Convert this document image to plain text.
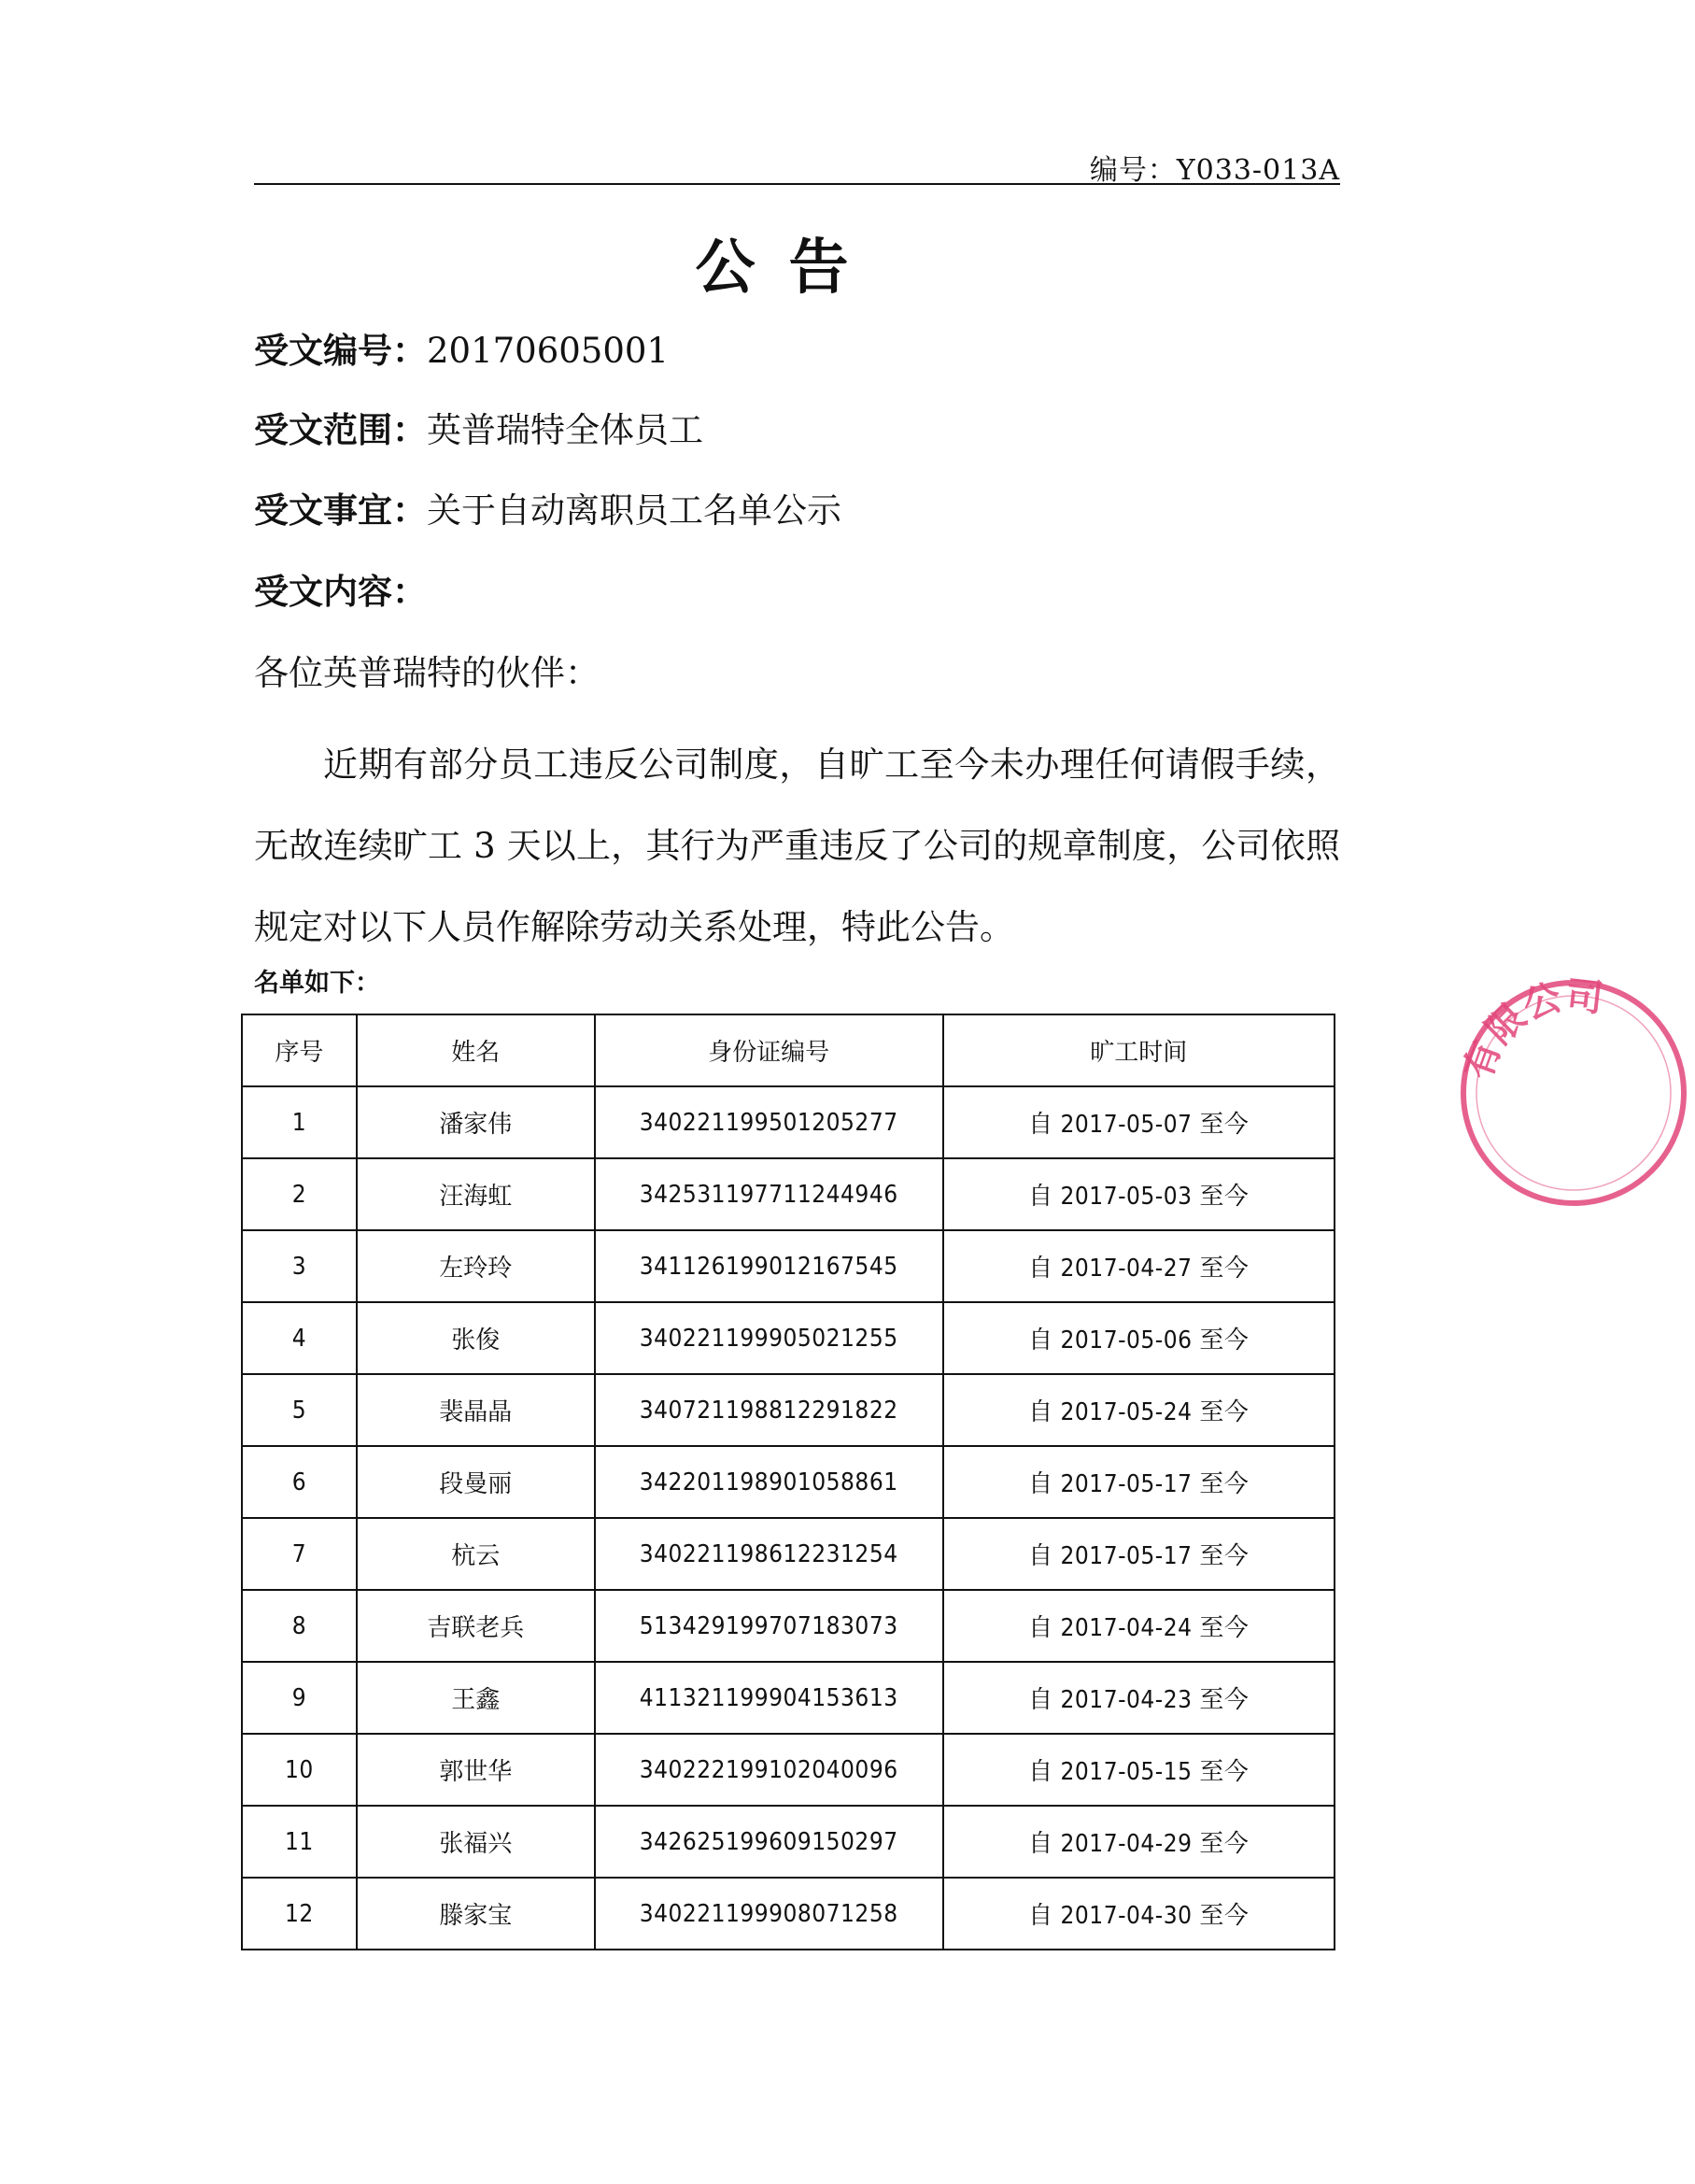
编号：Y033-013A
公告
受文编号：20170605001
受文范围：英普瑞特全体员工
受文事宜：关于自动离职员工名单公示
受文内容：
各位英普瑞特的伙伴：
近期有部分员工违反公司制度，自旷工至今未办理任何请假手续，无故连续旷工 3 天以上，其行为严重违反了公司的规章制度，公司依照规定对以下人员作解除劳动关系处理，特此公告。
名单如下：
序号	姓名	身份证编号	旷工时间
1	潘家伟	340221199501205277	自 2017-05-07 至今
2	汪海虹	342531197711244946	自 2017-05-03 至今
3	左玲玲	341126199012167545	自 2017-04-27 至今
4	张俊	340221199905021255	自 2017-05-06 至今
5	裴晶晶	340721198812291822	自 2017-05-24 至今
6	段曼丽	342201198901058861	自 2017-05-17 至今
7	杭云	340221198612231254	自 2017-05-17 至今
8	吉联老兵	513429199707183073	自 2017-04-24 至今
9	王鑫	411321199904153613	自 2017-04-23 至今
10	郭世华	340222199102040096	自 2017-05-15 至今
11	张福兴	342625199609150297	自 2017-04-29 至今
12	滕家宝	340221199908071258	自 2017-04-30 至今
有限公司
